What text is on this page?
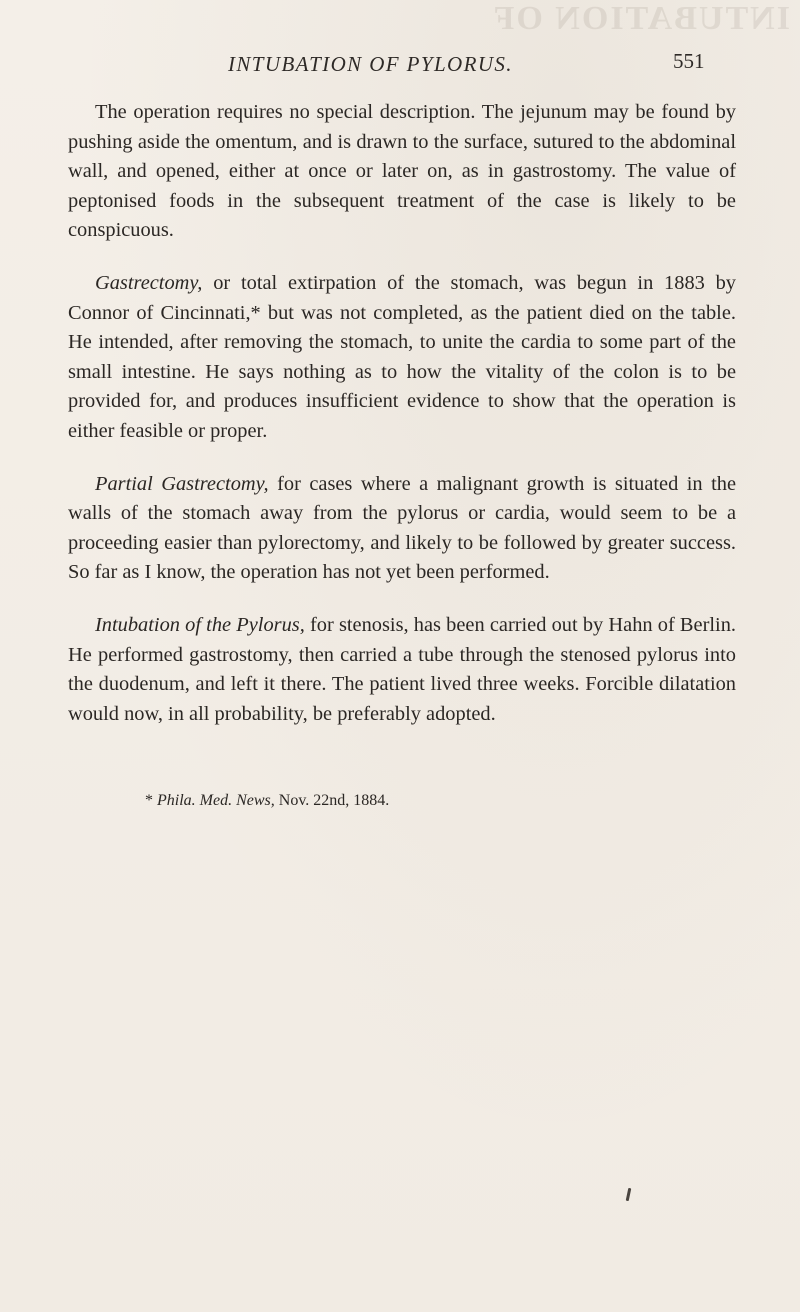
INTUBATION OF
INTUBATION OF PYLORUS.	551

The operation requires no special description. The jejunum may be found by pushing aside the omentum, and is drawn to the surface, sutured to the abdominal wall, and opened, either at once or later on, as in gastrostomy. The value of peptonised foods in the subsequent treatment of the case is likely to be conspicuous.

Gastrectomy, or total extirpation of the stomach, was begun in 1883 by Connor of Cincinnati,* but was not completed, as the patient died on the table. He intended, after removing the stomach, to unite the cardia to some part of the small intestine. He says nothing as to how the vitality of the colon is to be provided for, and produces insufficient evidence to show that the operation is either feasible or proper.

Partial Gastrectomy, for cases where a malignant growth is situated in the walls of the stomach away from the pylorus or cardia, would seem to be a proceeding easier than pylorectomy, and likely to be followed by greater success. So far as I know, the operation has not yet been performed.

Intubation of the Pylorus, for stenosis, has been carried out by Hahn of Berlin. He performed gastrostomy, then carried a tube through the stenosed pylorus into the duodenum, and left it there. The patient lived three weeks. Forcible dilatation would now, in all probability, be preferably adopted.

* Phila. Med. News, Nov. 22nd, 1884.
